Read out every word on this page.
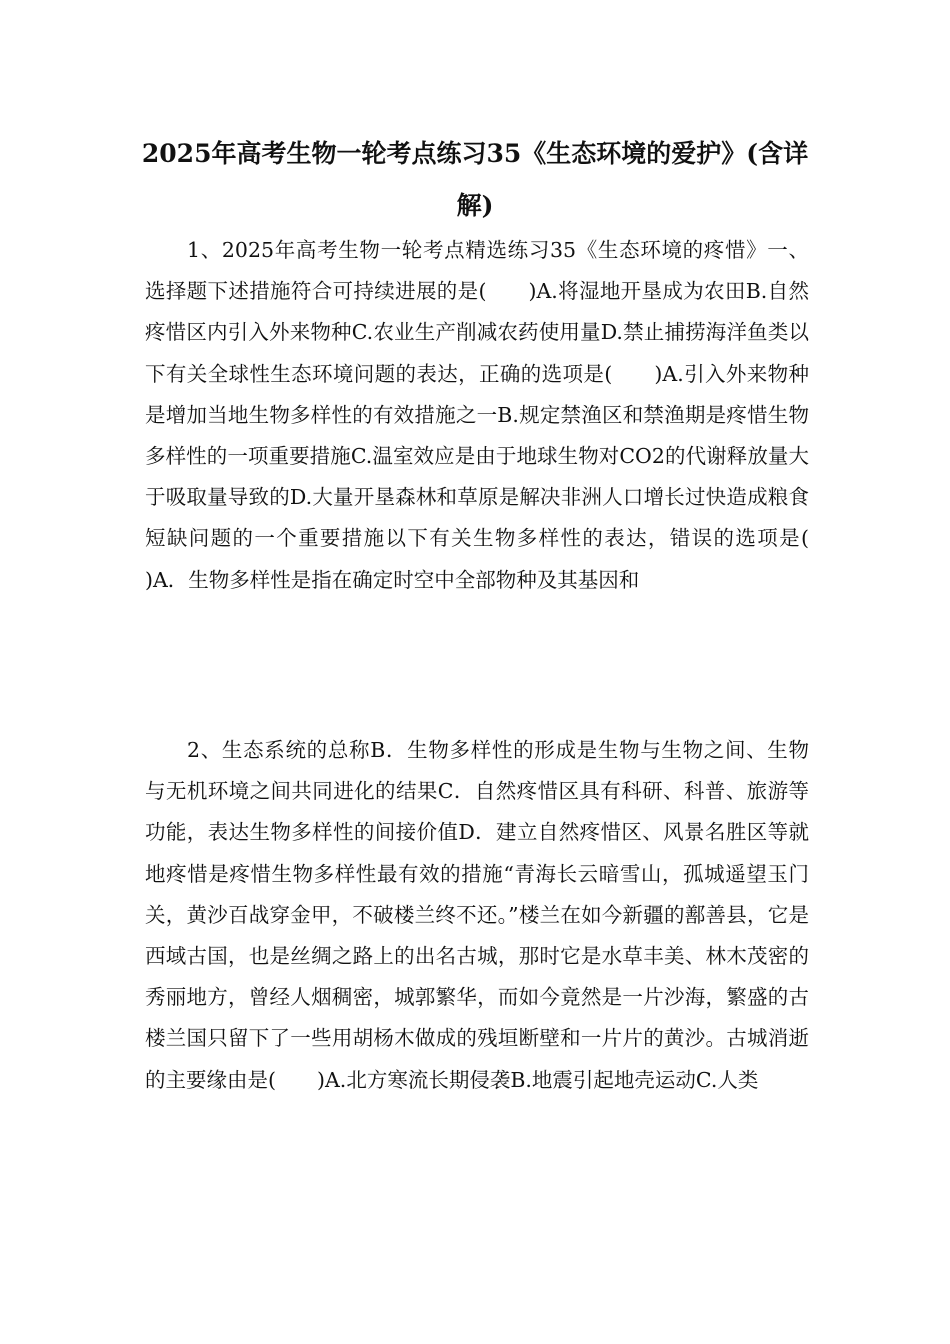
2025年高考生物一轮考点练习35《生态环境的爱护》(含详解)

1、2025年高考生物一轮考点精选练习35《生态环境的疼惜》一、选择题下述措施符合可持续进展的是(　　)A.将湿地开垦成为农田B.自然疼惜区内引入外来物种C.农业生产削减农药使用量D.禁止捕捞海洋鱼类以下有关全球性生态环境问题的表达，正确的选项是(　　)A.引入外来物种是增加当地生物多样性的有效措施之一B.规定禁渔区和禁渔期是疼惜生物多样性的一项重要措施C.温室效应是由于地球生物对CO2的代谢释放量大于吸取量导致的D.大量开垦森林和草原是解决非洲人口增长过快造成粮食短缺问题的一个重要措施以下有关生物多样性的表达，错误的选项是(　　)A．生物多样性是指在确定时空中全部物种及其基因和

2、生态系统的总称B．生物多样性的形成是生物与生物之间、生物与无机环境之间共同进化的结果C．自然疼惜区具有科研、科普、旅游等功能，表达生物多样性的间接价值D．建立自然疼惜区、风景名胜区等就地疼惜是疼惜生物多样性最有效的措施“青海长云暗雪山，孤城遥望玉门关，黄沙百战穿金甲，不破楼兰终不还。”楼兰在如今新疆的鄯善县，它是西域古国，也是丝绸之路上的出名古城，那时它是水草丰美、林木茂密的秀丽地方，曾经人烟稠密，城郭繁华，而如今竟然是一片沙海，繁盛的古楼兰国只留下了一些用胡杨木做成的残垣断壁和一片片的黄沙。古城消逝的主要缘由是(　　)A.北方寒流长期侵袭B.地震引起地壳运动C.人类
